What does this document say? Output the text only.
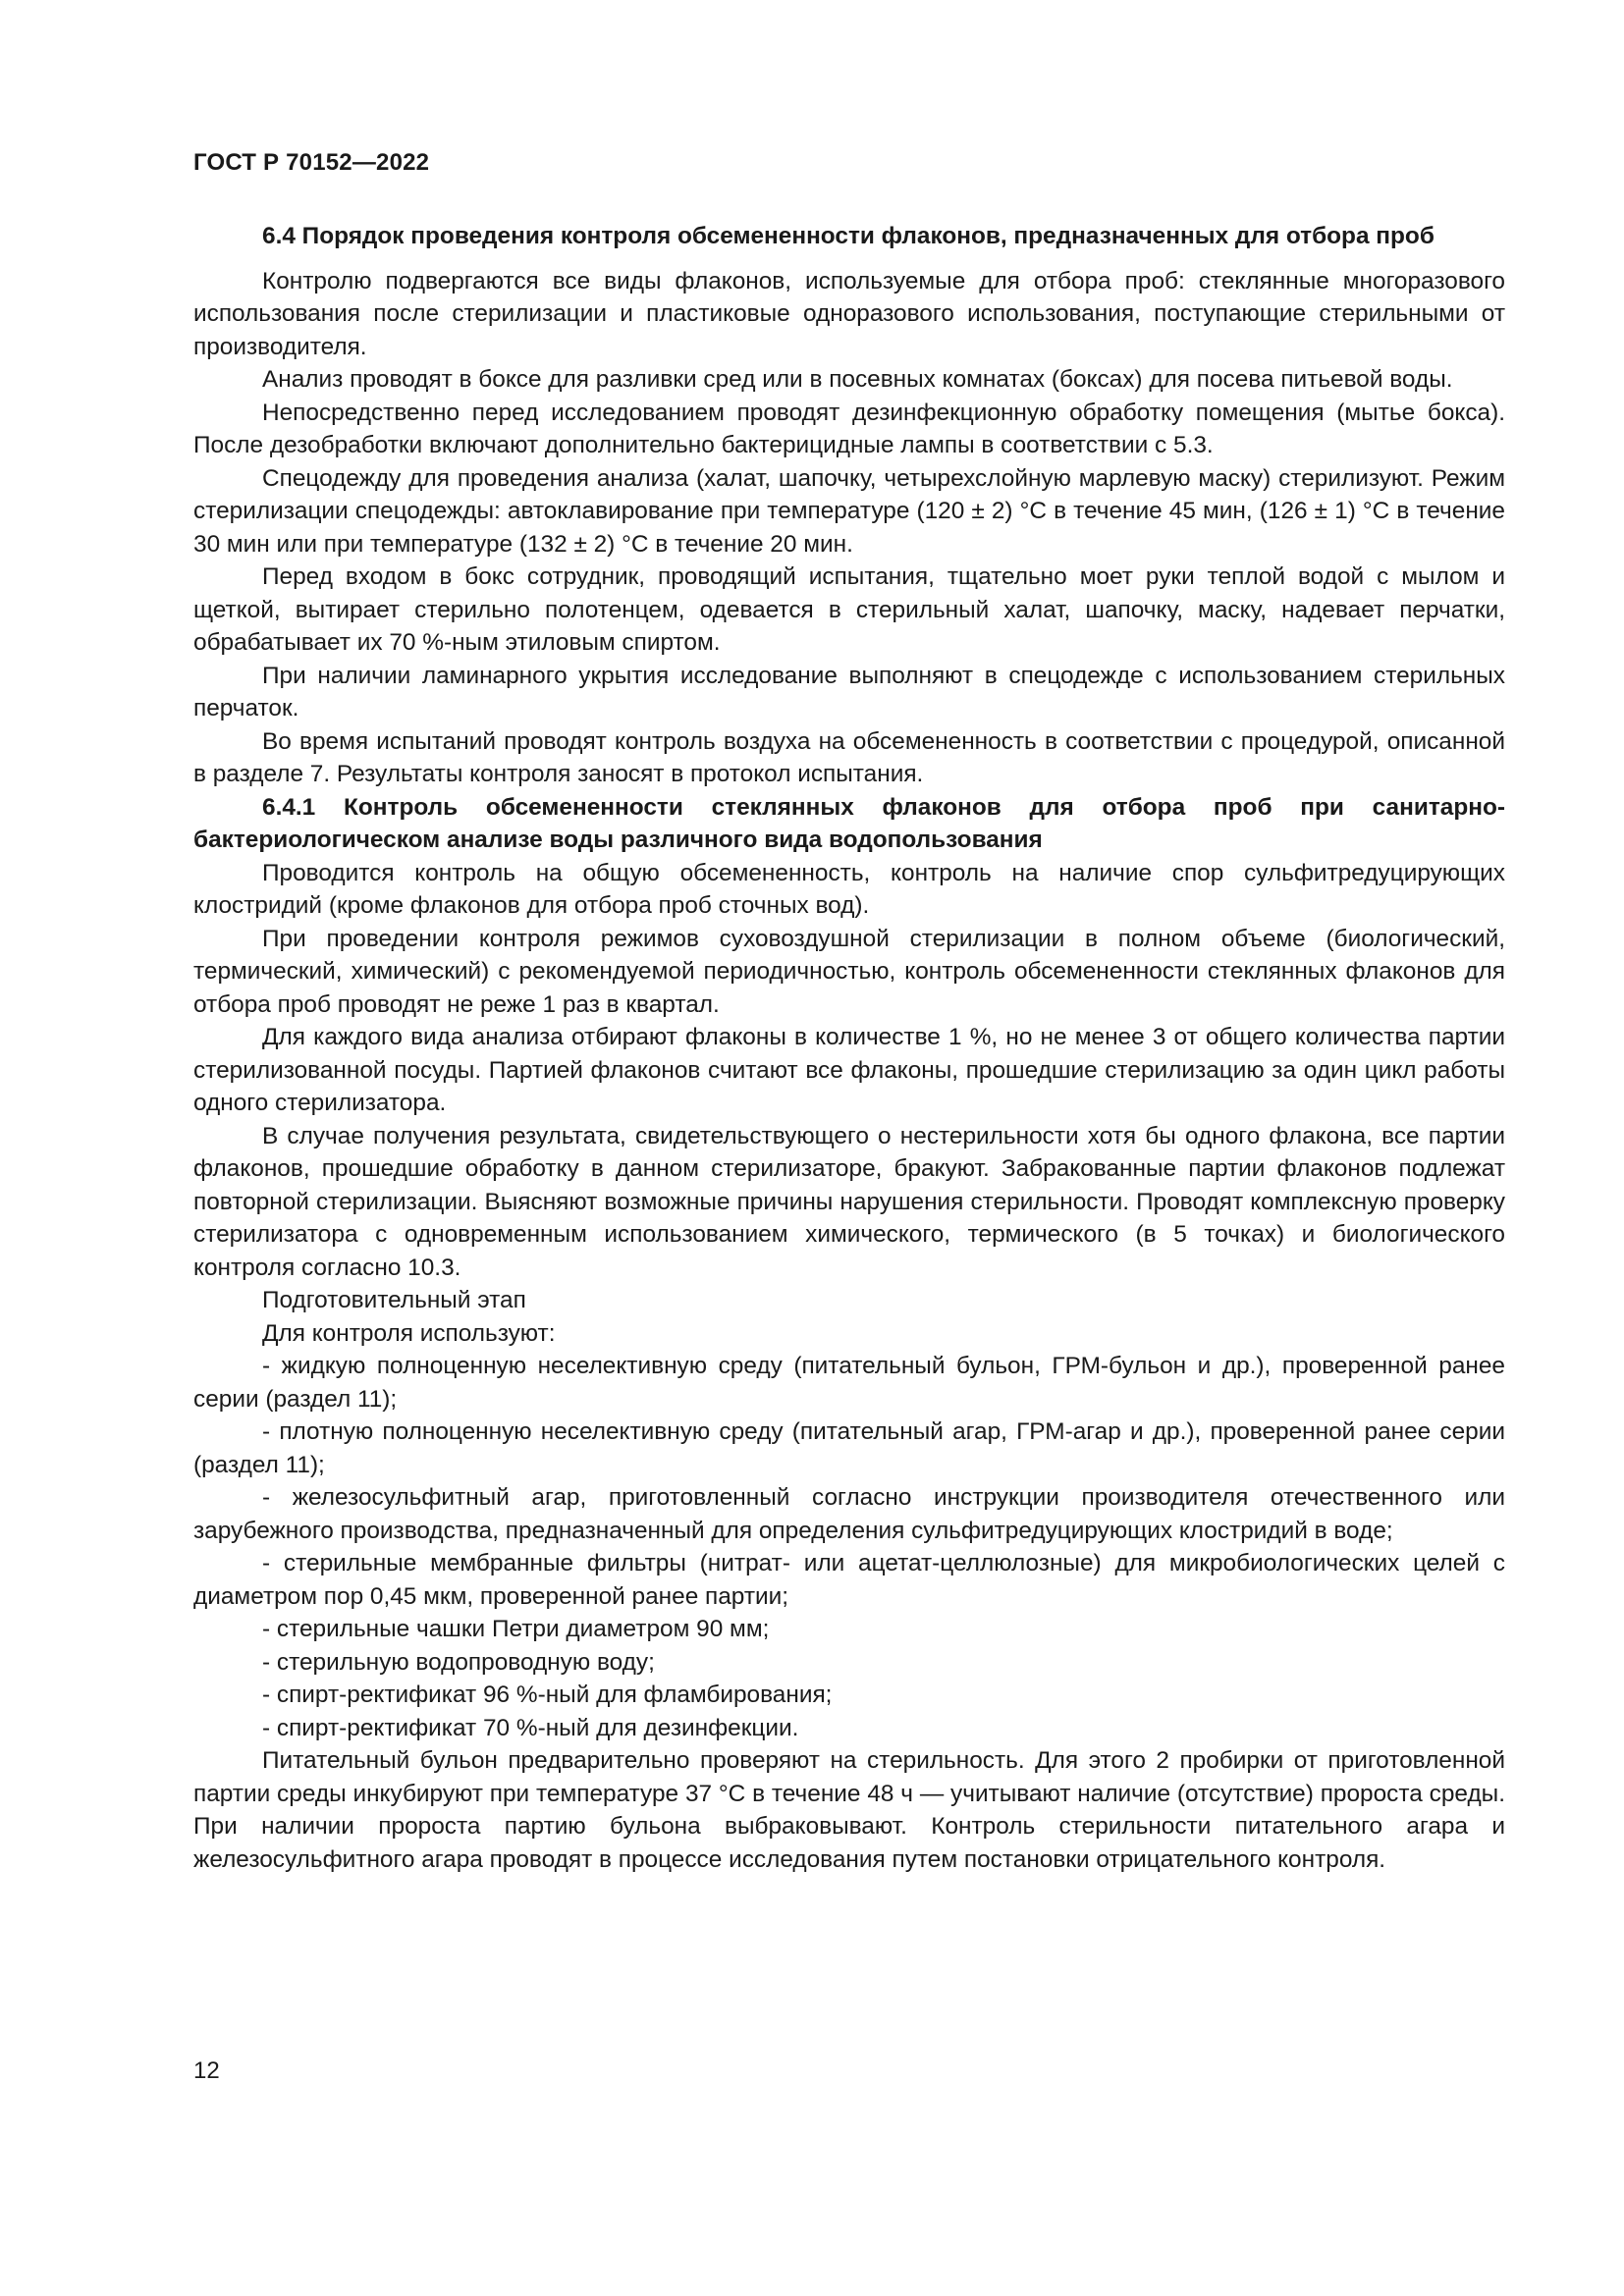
ГОСТ Р 70152—2022

6.4 Порядок проведения контроля обсемененности флаконов, предназначенных для отбора проб

Контролю подвергаются все виды флаконов, используемые для отбора проб: стеклянные многоразового использования после стерилизации и пластиковые одноразового использования, поступающие стерильными от производителя.

Анализ проводят в боксе для разливки сред или в посевных комнатах (боксах) для посева питьевой воды.

Непосредственно перед исследованием проводят дезинфекционную обработку помещения (мытье бокса). После дезобработки включают дополнительно бактерицидные лампы в соответствии с 5.3.

Спецодежду для проведения анализа (халат, шапочку, четырехслойную марлевую маску) стерилизуют. Режим стерилизации спецодежды: автоклавирование при температуре (120 ± 2) °C в течение 45 мин, (126 ± 1) °C в течение 30 мин или при температуре (132 ± 2) °C в течение 20 мин.

Перед входом в бокс сотрудник, проводящий испытания, тщательно моет руки теплой водой с мылом и щеткой, вытирает стерильно полотенцем, одевается в стерильный халат, шапочку, маску, надевает перчатки, обрабатывает их 70 %-ным этиловым спиртом.

При наличии ламинарного укрытия исследование выполняют в спецодежде с использованием стерильных перчаток.

Во время испытаний проводят контроль воздуха на обсемененность в соответствии с процедурой, описанной в разделе 7. Результаты контроля заносят в протокол испытания.

6.4.1 Контроль обсемененности стеклянных флаконов для отбора проб при санитарно-бактериологическом анализе воды различного вида водопользования

Проводится контроль на общую обсемененность, контроль на наличие спор сульфитредуцирующих клостридий (кроме флаконов для отбора проб сточных вод).

При проведении контроля режимов суховоздушной стерилизации в полном объеме (биологический, термический, химический) с рекомендуемой периодичностью, контроль обсемененности стеклянных флаконов для отбора проб проводят не реже 1 раз в квартал.

Для каждого вида анализа отбирают флаконы в количестве 1 %, но не менее 3 от общего количества партии стерилизованной посуды. Партией флаконов считают все флаконы, прошедшие стерилизацию за один цикл работы одного стерилизатора.

В случае получения результата, свидетельствующего о нестерильности хотя бы одного флакона, все партии флаконов, прошедшие обработку в данном стерилизаторе, бракуют. Забракованные партии флаконов подлежат повторной стерилизации. Выясняют возможные причины нарушения стерильности. Проводят комплексную проверку стерилизатора с одновременным использованием химического, термического (в 5 точках) и биологического контроля согласно 10.3.

Подготовительный этап

Для контроля используют:

- жидкую полноценную неселективную среду (питательный бульон, ГРМ-бульон и др.), проверенной ранее серии (раздел 11);

- плотную полноценную неселективную среду (питательный агар, ГРМ-агар и др.), проверенной ранее серии (раздел 11);

- железосульфитный агар, приготовленный согласно инструкции производителя отечественного или зарубежного производства, предназначенный для определения сульфитредуцирующих клостридий в воде;

- стерильные мембранные фильтры (нитрат- или ацетат-целлюлозные) для микробиологических целей с диаметром пор 0,45 мкм, проверенной ранее партии;

- стерильные чашки Петри диаметром 90 мм;

- стерильную водопроводную воду;

- спирт-ректификат 96 %-ный для фламбирования;

- спирт-ректификат 70 %-ный для дезинфекции.

Питательный бульон предварительно проверяют на стерильность. Для этого 2 пробирки от приготовленной партии среды инкубируют при температуре 37 °C в течение 48 ч — учитывают наличие (отсутствие) пророста среды. При наличии пророста партию бульона выбраковывают. Контроль стерильности питательного агара и железосульфитного агара проводят в процессе исследования путем постановки отрицательного контроля.

12
